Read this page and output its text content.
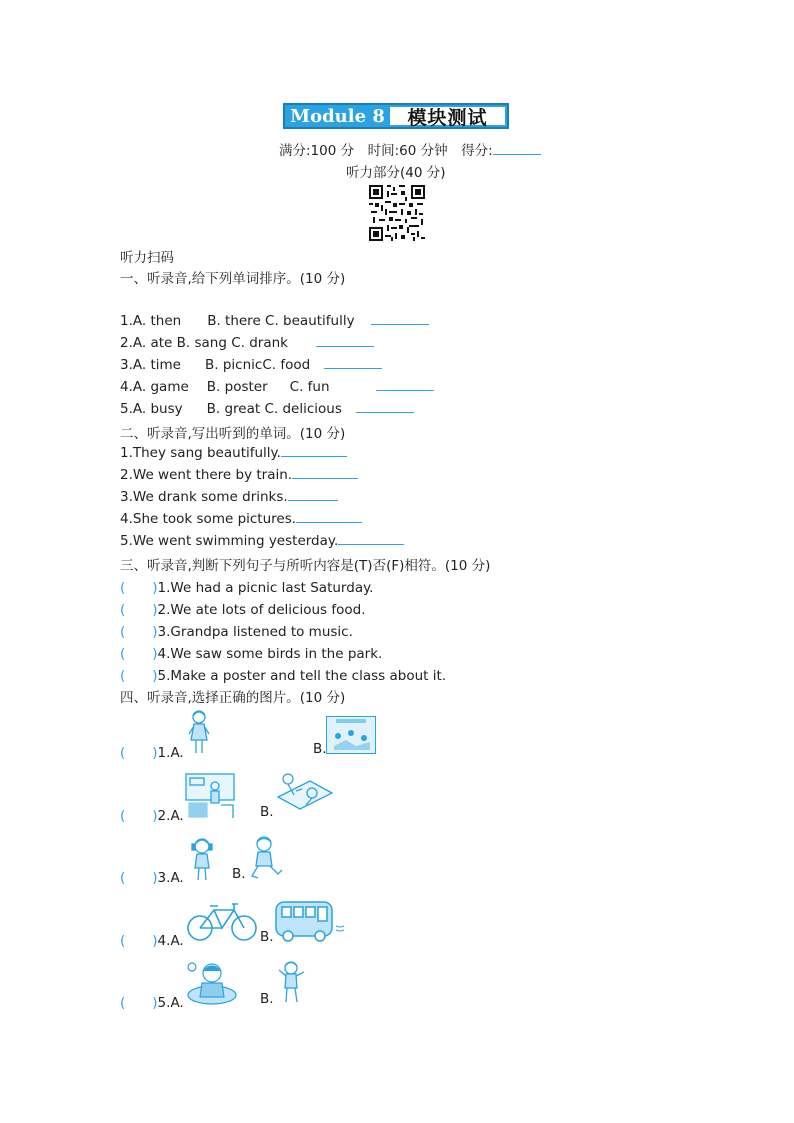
Module 8	模块测试
满分:100 分　时间:60 分钟　得分:
听力部分(40 分)
听力扫码
一、听录音,给下列单词排序。(10 分)
1.A. then B. there C. beautifully
2.A. ate B. sang C. drank
3.A. time B. picnicC. food
4.A. game B. poster C. fun
5.A. busy B. great C. delicious
二、听录音,写出听到的单词。(10 分)
1.They sang beautifully.
2.We went there by train.
3.We drank some drinks.
4.She took some pictures.
5.We went swimming yesterday.
三、听录音,判断下列句子与所听内容是(T)否(F)相符。(10 分)
(　　)1.We had a picnic last Saturday.
(　　)2.We ate lots of delicious food.
(　　)3.Grandpa listened to music.
(　　)4.We saw some birds in the park.
(　　)5.Make a poster and tell the class about it.
四、听录音,选择正确的图片。(10 分)
(　　)1.A.	B.
(　　)2.A.	B.
(　　)3.A.	B.
(　　)4.A.	B.
(　　)5.A.	B.
